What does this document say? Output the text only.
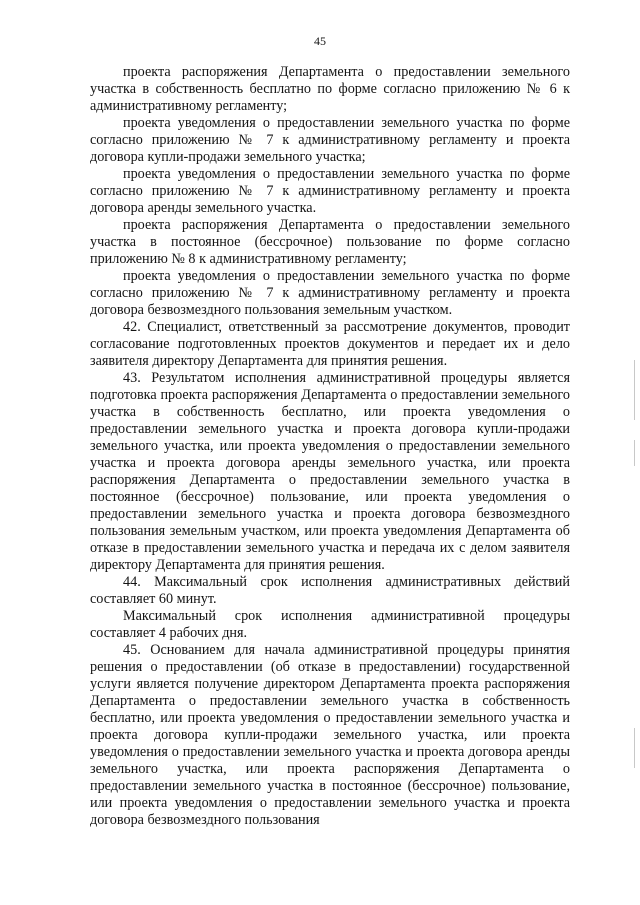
45

проекта распоряжения Департамента о предоставлении земельного участка в собственность бесплатно по форме согласно приложению № 6 к административному регламенту;

проекта уведомления о предоставлении земельного участка по форме согласно приложению № 7 к административному регламенту и проекта договора купли-продажи земельного участка;

проекта уведомления о предоставлении земельного участка по форме согласно приложению № 7 к административному регламенту и проекта договора аренды земельного участка.

проекта распоряжения Департамента о предоставлении земельного участка в постоянное (бессрочное) пользование по форме согласно приложению № 8 к административному регламенту;

проекта уведомления о предоставлении земельного участка по форме согласно приложению № 7 к административному регламенту и проекта договора безвозмездного пользования земельным участком.

42. Специалист, ответственный за рассмотрение документов, проводит согласование подготовленных проектов документов и передает их и дело заявителя директору Департамента для принятия решения.

43. Результатом исполнения административной процедуры является подготовка проекта распоряжения Департамента о предоставлении земельного участка в собственность бесплатно, или проекта уведомления о предоставлении земельного участка и проекта договора купли-продажи земельного участка, или проекта уведомления о предоставлении земельного участка и проекта договора аренды земельного участка, или проекта распоряжения Департамента о предоставлении земельного участка в постоянное (бессрочное) пользование, или проекта уведомления о предоставлении земельного участка и проекта договора безвозмездного пользования земельным участком, или проекта уведомления Департамента об отказе в предоставлении земельного участка и передача их с делом заявителя директору Департамента для принятия решения.

44. Максимальный срок исполнения административных действий составляет 60 минут.

Максимальный срок исполнения административной процедуры составляет 4 рабочих дня.

45. Основанием для начала административной процедуры принятия решения о предоставлении (об отказе в предоставлении) государственной услуги является получение директором Департамента проекта распоряжения Департамента о предоставлении земельного участка в собственность бесплатно, или проекта уведомления о предоставлении земельного участка и проекта договора купли-продажи земельного участка, или проекта уведомления о предоставлении земельного участка и проекта договора аренды земельного участка, или проекта распоряжения Департамента о предоставлении земельного участка в постоянное (бессрочное) пользование, или проекта уведомления о предоставлении земельного участка и проекта договора безвозмездного пользования
